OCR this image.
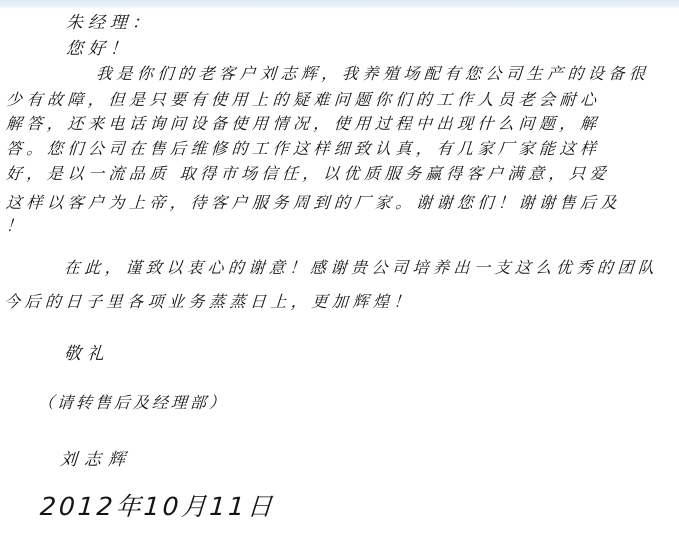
朱经理：
您好！
我是你们的老客户刘志辉，我养殖场配有您公司生产的设备很
少有故障，但是只要有使用上的疑难问题你们的工作人员老会耐心
解答，还来电话询问设备使用情况，使用过程中出现什么问题，解
答。您们公司在售后维修的工作这样细致认真，有几家厂家能这样
好，是以一流品质 取得市场信任，以优质服务赢得客户满意，只爱
这样以客户为上帝，待客户服务周到的厂家。谢谢您们！谢谢售后及
！
在此，谨致以衷心的谢意！感谢贵公司培养出一支这么优秀的团队
今后的日子里各项业务蒸蒸日上，更加辉煌！
敬礼
（请转售后及经理部）
刘志辉
2012年10月11日
